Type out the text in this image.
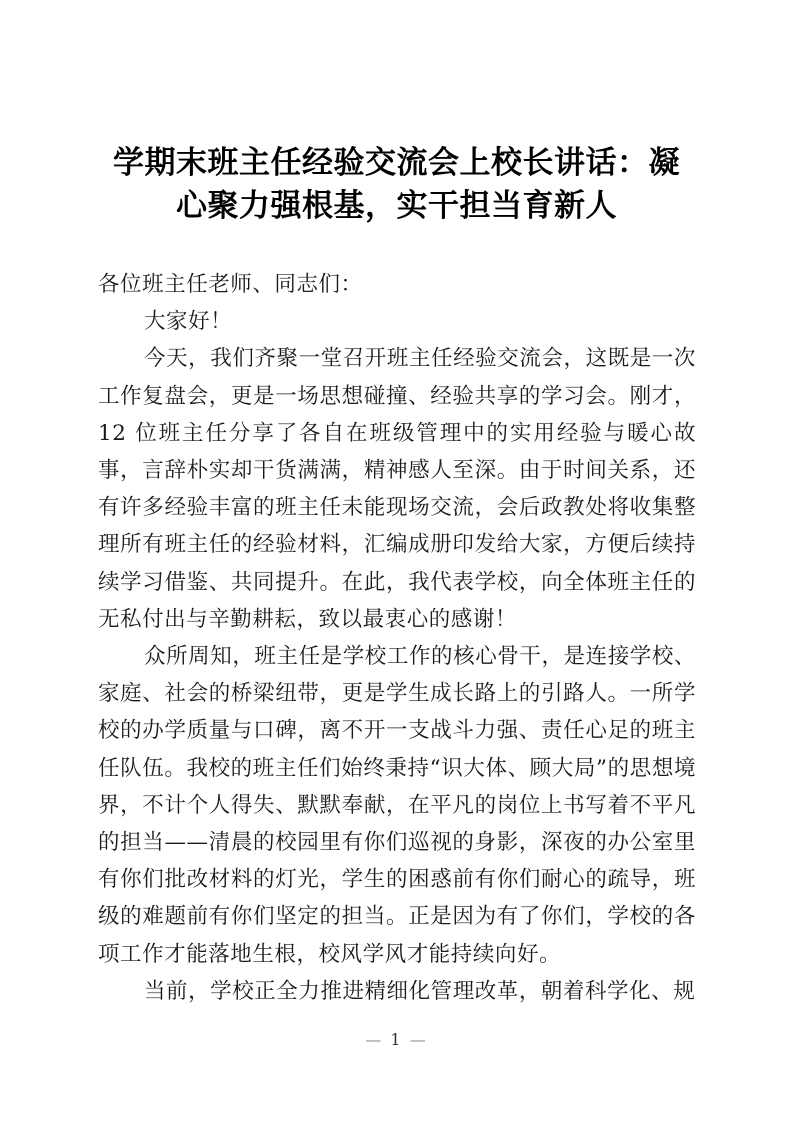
学期末班主任经验交流会上校长讲话：凝心聚力强根基，实干担当育新人

各位班主任老师、同志们：

大家好！

今天，我们齐聚一堂召开班主任经验交流会，这既是一次工作复盘会，更是一场思想碰撞、经验共享的学习会。刚才，12 位班主任分享了各自在班级管理中的实用经验与暖心故事，言辞朴实却干货满满，精神感人至深。由于时间关系，还有许多经验丰富的班主任未能现场交流，会后政教处将收集整理所有班主任的经验材料，汇编成册印发给大家，方便后续持续学习借鉴、共同提升。在此，我代表学校，向全体班主任的无私付出与辛勤耕耘，致以最衷心的感谢！

众所周知，班主任是学校工作的核心骨干，是连接学校、家庭、社会的桥梁纽带，更是学生成长路上的引路人。一所学校的办学质量与口碑，离不开一支战斗力强、责任心足的班主任队伍。我校的班主任们始终秉持“识大体、顾大局”的思想境界，不计个人得失、默默奉献，在平凡的岗位上书写着不平凡的担当——清晨的校园里有你们巡视的身影，深夜的办公室里有你们批改材料的灯光，学生的困惑前有你们耐心的疏导，班级的难题前有你们坚定的担当。正是因为有了你们，学校的各项工作才能落地生根，校风学风才能持续向好。

当前，学校正全力推进精细化管理改革，朝着科学化、规

— 1 —
